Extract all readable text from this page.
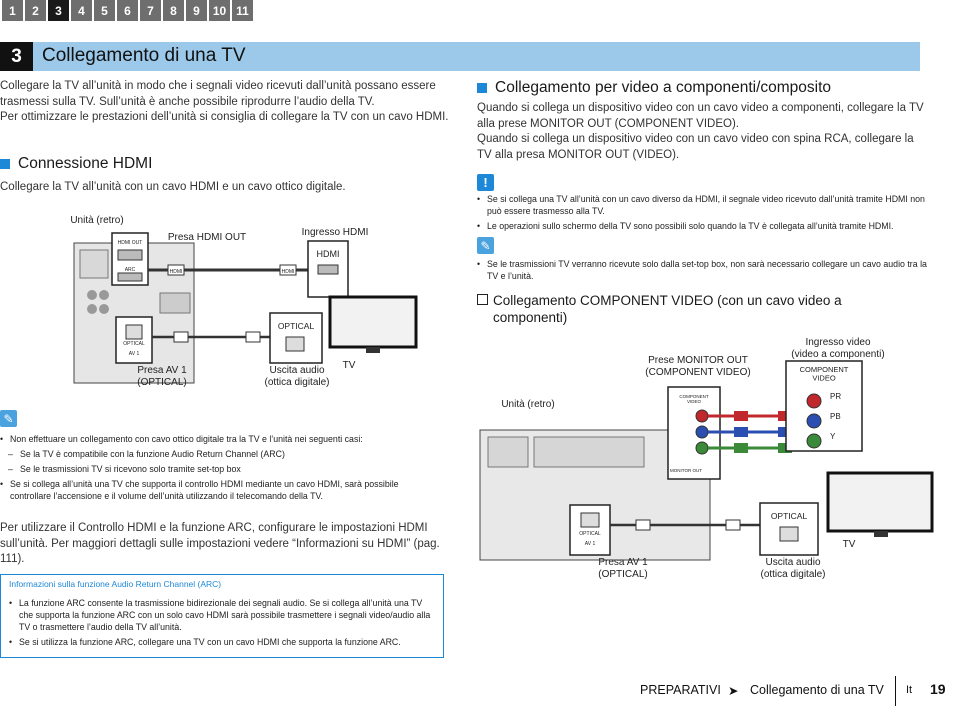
1	2	3	4	5	6	7	8	9	10 11
3	Collegamento di una TV
Collegare la TV all’unità in modo che i segnali video ricevuti dall’unità possano essere trasmessi sulla TV. Sull’unità è anche possibile riprodurre l’audio della TV.
Per ottimizzare le prestazioni dell’unità si consiglia di collegare la TV con un cavo HDMI.
Connessione HDMI
Collegare la TV all’unità con un cavo HDMI e un cavo ottico digitale.
HDMI OUT
ARC
OPTICAL
AV 1
HDMI	HDMI
HDMI
OPTICAL
Unità (retro)
Presa HDMI OUT	Ingresso HDMI
Presa AV 1
(OPTICAL)
Uscita audio
(ottica digitale)
TV
✎
• Non effettuare un collegamento con cavo ottico digitale tra la TV e l’unità nei seguenti casi:
– Se la TV è compatibile con la funzione Audio Return Channel (ARC)
– Se le trasmissioni TV si ricevono solo tramite set-top box
• Se si collega all’unità una TV che supporta il controllo HDMI mediante un cavo HDMI, sarà possibile controllare l’accensione e il volume dell’unità utilizzando il telecomando della TV.
Per utilizzare il Controllo HDMI e la funzione ARC, configurare le impostazioni HDMI sull’unità. Per maggiori dettagli sulle impostazioni vedere “Informazioni su HDMI” (pag. 111).
Informazioni sulla funzione Audio Return Channel (ARC)
• La funzione ARC consente la trasmissione bidirezionale dei segnali audio. Se si collega all’unità una TV che supporta la funzione ARC con un solo cavo HDMI sarà possibile trasmettere i segnali video/audio alla TV o trasmettere l’audio della TV all’unità.
• Se si utilizza la funzione ARC, collegare una TV con un cavo HDMI che supporta la funzione ARC.
Collegamento per video a componenti/composito
Quando si collega un dispositivo video con un cavo video a componenti, collegare la TV alla prese MONITOR OUT (COMPONENT VIDEO).
Quando si collega un dispositivo video con un cavo video con spina RCA, collegare la TV alla presa MONITOR OUT (VIDEO).
!
• Se si collega una TV all’unità con un cavo diverso da HDMI, il segnale video ricevuto dall’unità tramite HDMI non può essere trasmesso alla TV.
• Le operazioni sullo schermo della TV sono possibili solo quando la TV è collegata all’unità tramite HDMI.
✎
• Se le trasmissioni TV verranno ricevute solo dalla set-top box, non sarà necessario collegare un cavo audio tra la TV e l’unità.
Collegamento COMPONENT VIDEO (con un cavo video a componenti)
COMPONENT VIDEO
MONITOR OUT
OPTICAL
AV 1
COMPONENT VIDEO
PR
PB
Y
OPTICAL
Unità (retro)
Prese MONITOR OUT
(COMPONENT VIDEO)
Ingresso video
(video a componenti)
Presa AV 1
(OPTICAL)
Uscita audio
(ottica digitale)
TV
PREPARATIVI ➤ Collegamento di una TV It 19
